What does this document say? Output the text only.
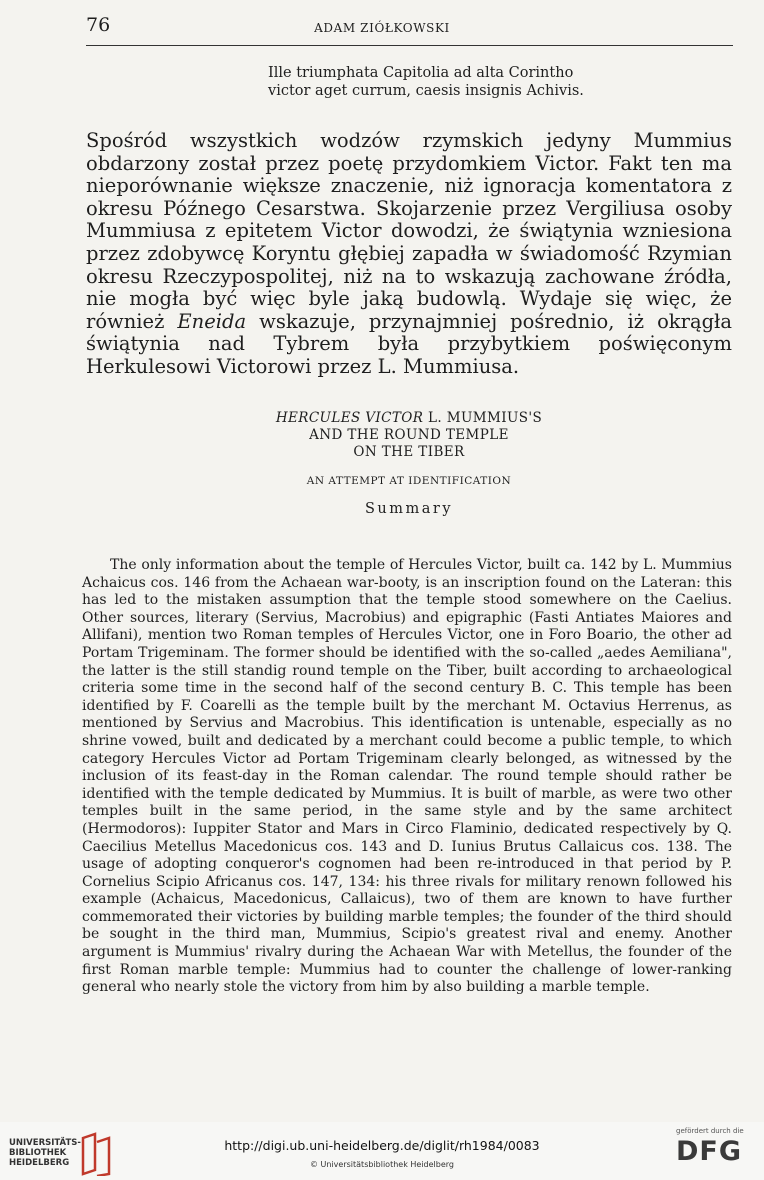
76	ADAM ZIÓŁKOWSKI
Ille triumphata Capitolia ad alta Corintho
victor aget currum, caesis insignis Achivis.
Spośród wszystkich wodzów rzymskich jedyny Mummius obdarzony został przez poetę przydomkiem Victor. Fakt ten ma nieporównanie większe znaczenie, niż ignoracja komentatora z okresu Późnego Cesarstwa. Skojarzenie przez Vergiliusa osoby Mummiusa z epitetem Victor dowodzi, że świątynia wzniesiona przez zdobywcę Koryntu głębiej zapadła w świadomość Rzymian okresu Rzeczypospolitej, niż na to wskazują zachowane źródła, nie mogła być więc byle jaką budowlą. Wydaje się więc, że również Eneida wskazuje, przynajmniej pośrednio, iż okrągła świątynia nad Tybrem była przybytkiem poświęconym Herkulesowi Victorowi przez L. Mummiusa.
HERCULES VICTOR L. MUMMIUS'S
AND THE ROUND TEMPLE
ON THE TIBER
AN ATTEMPT AT IDENTIFICATION
Summary
The only information about the temple of Hercules Victor, built ca. 142 by L. Mummius Achaicus cos. 146 from the Achaean war-booty, is an inscription found on the Lateran: this has led to the mistaken assumption that the temple stood somewhere on the Caelius. Other sources, literary (Servius, Macrobius) and epigraphic (Fasti Antiates Maiores and Allifani), mention two Roman temples of Hercules Victor, one in Foro Boario, the other ad Portam Trigeminam. The former should be identified with the so-called „aedes Aemiliana", the latter is the still standig round temple on the Tiber, built according to archaeological criteria some time in the second half of the second century B. C. This temple has been identified by F. Coarelli as the temple built by the merchant M. Octavius Herrenus, as mentioned by Servius and Macrobius. This identification is untenable, especially as no shrine vowed, built and dedicated by a merchant could become a public temple, to which category Hercules Victor ad Portam Trigeminam clearly belonged, as witnessed by the inclusion of its feast-day in the Roman calendar. The round temple should rather be identified with the temple dedicated by Mummius. It is built of marble, as were two other temples built in the same period, in the same style and by the same architect (Hermodoros): Iuppiter Stator and Mars in Circo Flaminio, dedicated respectively by Q. Caecilius Metellus Macedonicus cos. 143 and D. Iunius Brutus Callaicus cos. 138. The usage of adopting conqueror's cognomen had been re-introduced in that period by P. Cornelius Scipio Africanus cos. 147, 134: his three rivals for military renown followed his example (Achaicus, Macedonicus, Callaicus), two of them are known to have further commemorated their victories by building marble temples; the founder of the third should be sought in the third man, Mummius, Scipio's greatest rival and enemy. Another argument is Mummius' rivalry during the Achaean War with Metellus, the founder of the first Roman marble temple: Mummius had to counter the challenge of lower-ranking general who nearly stole the victory from him by also building a marble temple.
UNIVERSITÄTS-
BIBLIOTHEK
HEIDELBERG
http://digi.ub.uni-heidelberg.de/diglit/rh1984/0083
© Universitätsbibliothek Heidelberg
gefördert durch die
DFG
